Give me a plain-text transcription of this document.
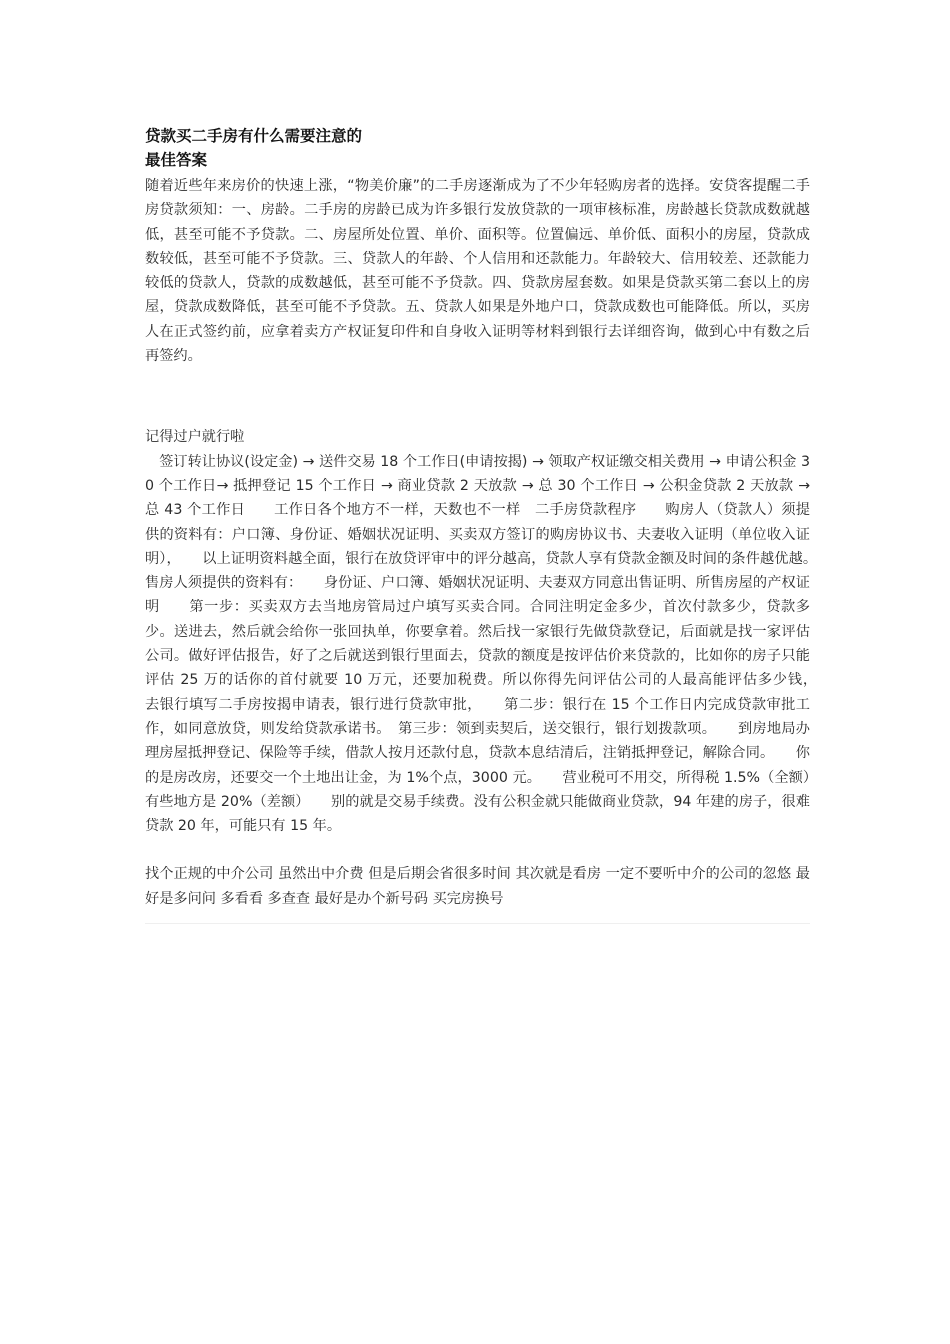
贷款买二手房有什么需要注意的
最佳答案

随着近些年来房价的快速上涨，“物美价廉”的二手房逐渐成为了不少年轻购房者的选择。安贷客提醒二手房贷款须知：一、房龄。二手房的房龄已成为许多银行发放贷款的一项审核标准，房龄越长贷款成数就越低，甚至可能不予贷款。二、房屋所处位置、单价、面积等。位置偏远、单价低、面积小的房屋，贷款成数较低，甚至可能不予贷款。三、贷款人的年龄、个人信用和还款能力。年龄较大、信用较差、还款能力较低的贷款人，贷款的成数越低，甚至可能不予贷款。四、贷款房屋套数。如果是贷款买第二套以上的房屋，贷款成数降低，甚至可能不予贷款。五、贷款人如果是外地户口，贷款成数也可能降低。所以，买房人在正式签约前，应拿着卖方产权证复印件和自身收入证明等材料到银行去详细咨询，做到心中有数之后再签约。

记得过户就行啦

　签订转让协议(设定金) → 送件交易 18 个工作日(申请按揭) → 领取产权证缴交相关费用 → 申请公积金 30 个工作日→ 抵押登记 15 个工作日 → 商业贷款 2 天放款 → 总 30 个工作日 → 公积金贷款 2 天放款 → 总 43 个工作日　　工作日各个地方不一样，天数也不一样　二手房贷款程序　　购房人（贷款人）须提供的资料有：户口簿、身份证、婚姻状况证明、买卖双方签订的购房协议书、夫妻收入证明（单位收入证明），　　以上证明资料越全面，银行在放贷评审中的评分越高，贷款人享有贷款金额及时间的条件越优越。　　售房人须提供的资料有：　　身份证、户口簿、婚姻状况证明、夫妻双方同意出售证明、所售房屋的产权证明　　第一步：买卖双方去当地房管局过户填写买卖合同。合同注明定金多少，首次付款多少，贷款多 少。送进去，然后就会给你一张回执单，你要拿着。然后找一家银行先做贷款登记，后面就是找一家评估公司。做好评估报告，好了之后就送到银行里面去，贷款的额度是按评估价来贷款的，比如你的房子只能评估 25 万的话你的首付就要 10 万元，还要加税费。所以你得先问评估公司的人最高能评估多少钱，　　去银行填写二手房按揭申请表，银行进行贷款审批，　　第二步：银行在 15 个工作日内完成贷款审批工作，如同意放贷，则发给贷款承诺书。　第三步：领到卖契后，送交银行，银行划拨款项。　　到房地局办理房屋抵押登记、保险等手续，借款人按月还款付息，贷款本息结清后，注销抵押登记，解除合同。　　你的是房改房，还要交一个土地出让金，为 1%个点，3000 元。　　营业税可不用交，所得税 1.5%（全额）有些地方是 20%（差额）　　别的就是交易手续费。没有公积金就只能做商业贷款，94 年建的房子，很难贷款 20 年，可能只有 15 年。

找个正规的中介公司 虽然出中介费 但是后期会省很多时间 其次就是看房 一定不要听中介的公司的忽悠 最好是多问问 多看看 多查查 最好是办个新号码 买完房换号
